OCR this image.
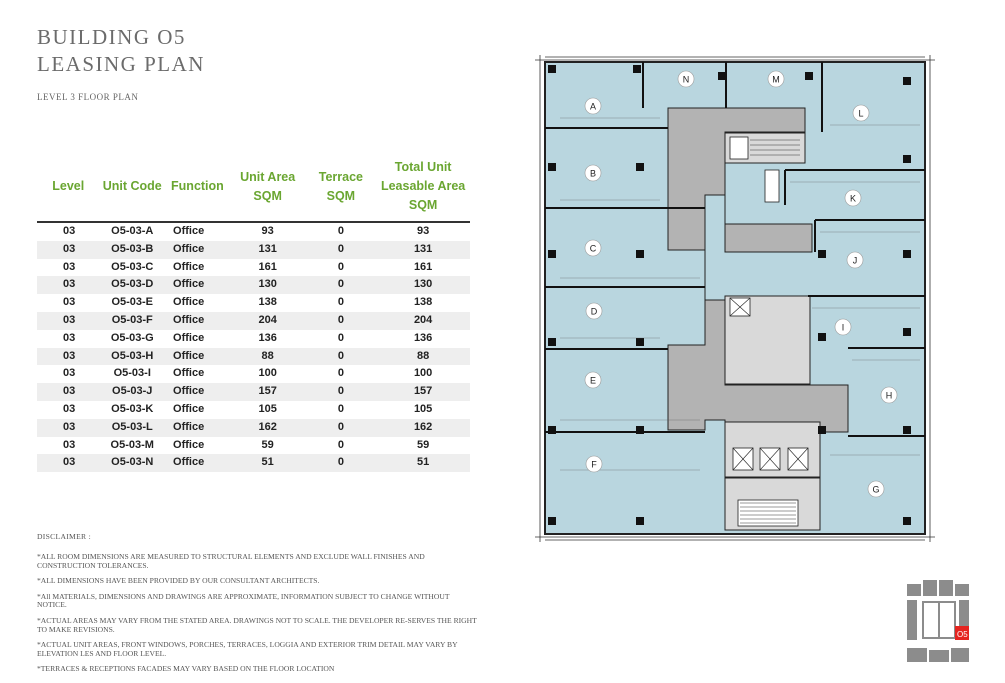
BUILDING O5
LEASING PLAN
LEVEL 3 FLOOR PLAN
Level	Unit Code	Function	Unit Area SQM	Terrace SQM	Total Unit Leasable Area SQM
03	O5-03-A	Office	93	0	93
03	O5-03-B	Office	131	0	131
03	O5-03-C	Office	161	0	161
03	O5-03-D	Office	130	0	130
03	O5-03-E	Office	138	0	138
03	O5-03-F	Office	204	0	204
03	O5-03-G	Office	136	0	136
03	O5-03-H	Office	88	0	88
03	O5-03-I	Office	100	0	100
03	O5-03-J	Office	157	0	157
03	O5-03-K	Office	105	0	105
03	O5-03-L	Office	162	0	162
03	O5-03-M	Office	59	0	59
03	O5-03-N	Office	51	0	51
DISCLAIMER :

*ALL ROOM DIMENSIONS ARE MEASURED TO STRUCTURAL ELEMENTS AND EXCLUDE WALL FINISHES AND CONSTRUCTION TOLERANCES.

*ALL DIMENSIONS HAVE BEEN PROVIDED BY OUR CONSULTANT ARCHITECTS.

*All MATERIALS, DIMENSIONS AND DRAWINGS ARE APPROXIMATE, INFORMATION SUBJECT TO CHANGE WITHOUT NOTICE.

*ACTUAL AREAS MAY VARY FROM THE STATED AREA. DRAWINGS NOT TO SCALE. THE DEVELOPER RE-SERVES THE RIGHT TO MAKE REVISIONS.

*ACTUAL UNIT AREAS, FRONT WINDOWS, PORCHES, TERRACES, LOGGIA AND EXTERIOR TRIM DETAIL MAY VARY BY ELEVATION LES AND FLOOR LEVEL.

*TERRACES & RECEPTIONS FACADES MAY VARY BASED ON THE FLOOR LOCATION

A
B
C
D
E
F
G
H
I
J
K
L
M
N
O5
